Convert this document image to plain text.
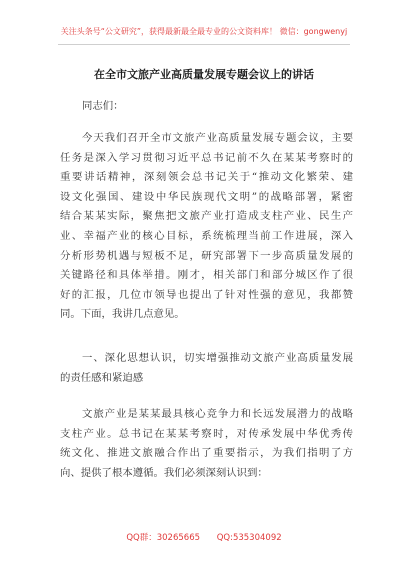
关注头条号“公文研究”，获得最新最全最专业的公文资料库！ 微信：gongwenyj
在全市文旅产业高质量发展专题会议上的讲话
同志们：
今天我们召开全市文旅产业高质量发展专题会议，主要
任务是深入学习贯彻习近平总书记前不久在某某考察时的
重要讲话精神，深刻领会总书记关于“推动文化繁荣、建
设文化强国、建设中华民族现代文明”的战略部署，紧密
结合某某实际，聚焦把文旅产业打造成支柱产业、民生产
业、幸福产业的核心目标，系统梳理当前工作进展，深入
分析形势机遇与短板不足，研究部署下一步高质量发展的
关键路径和具体举措。刚才，相关部门和部分城区作了很
好的汇报，几位市领导也提出了针对性强的意见，我都赞
同。下面，我讲几点意见。
一、深化思想认识，切实增强推动文旅产业高质量发展
的责任感和紧迫感
文旅产业是某某最具核心竞争力和长远发展潜力的战略
支柱产业。总书记在某某考察时，对传承发展中华优秀传
统文化、推进文旅融合作出了重要指示，为我们指明了方
向、提供了根本遵循。我们必须深刻认识到：
QQ群：30265665 QQ:535304092
